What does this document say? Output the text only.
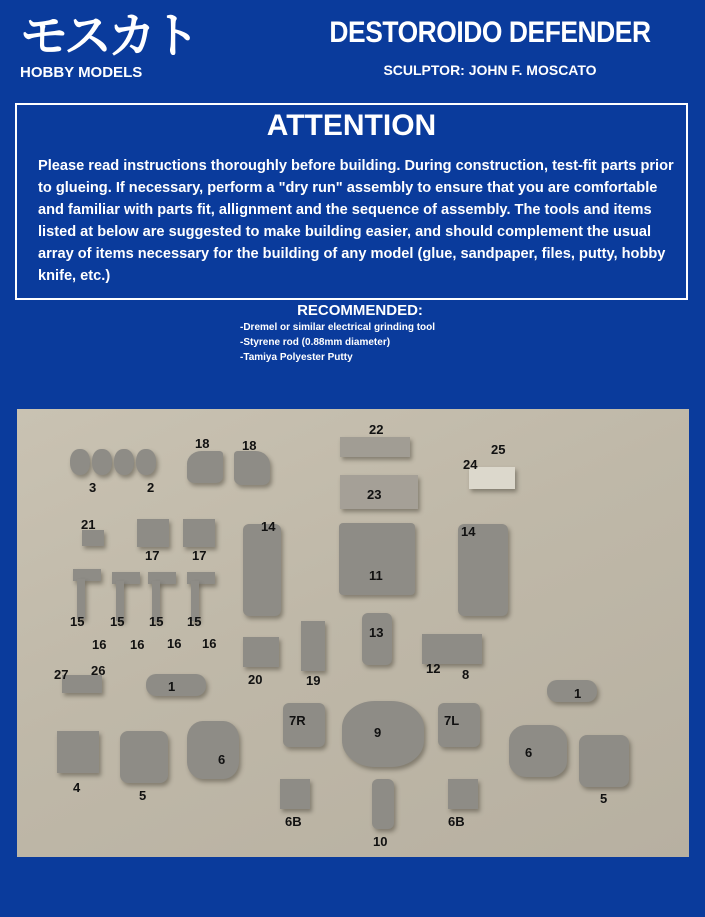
モスカト
HOBBY MODELS
DESTOROIDO DEFENDER
SCULPTOR: JOHN F. MOSCATO
ATTENTION
Please read instructions thoroughly before building. During construction, test-fit parts prior to glueing. If necessary, perform a "dry run" assembly to ensure that you are comfortable and familiar with parts fit, allignment and the sequence of assembly. The tools and items listed at below are suggested to make building easier, and should complement the usual array of items necessary for the building of any model (glue, sandpaper, files, putty, hobby knife, etc.)
RECOMMENDED:
-Dremel or similar electrical grinding tool
-Styrene rod (0.88mm diameter)
-Tamiya Polyester Putty
3	2
18	18
22
23
24
25
21
17	17
14
11
14
15
16
15
16
15
16
15
16
13
12 8
20	19
27 26
1	1
7R
9
7L
4
5
6	6
5
6B
10
6B
